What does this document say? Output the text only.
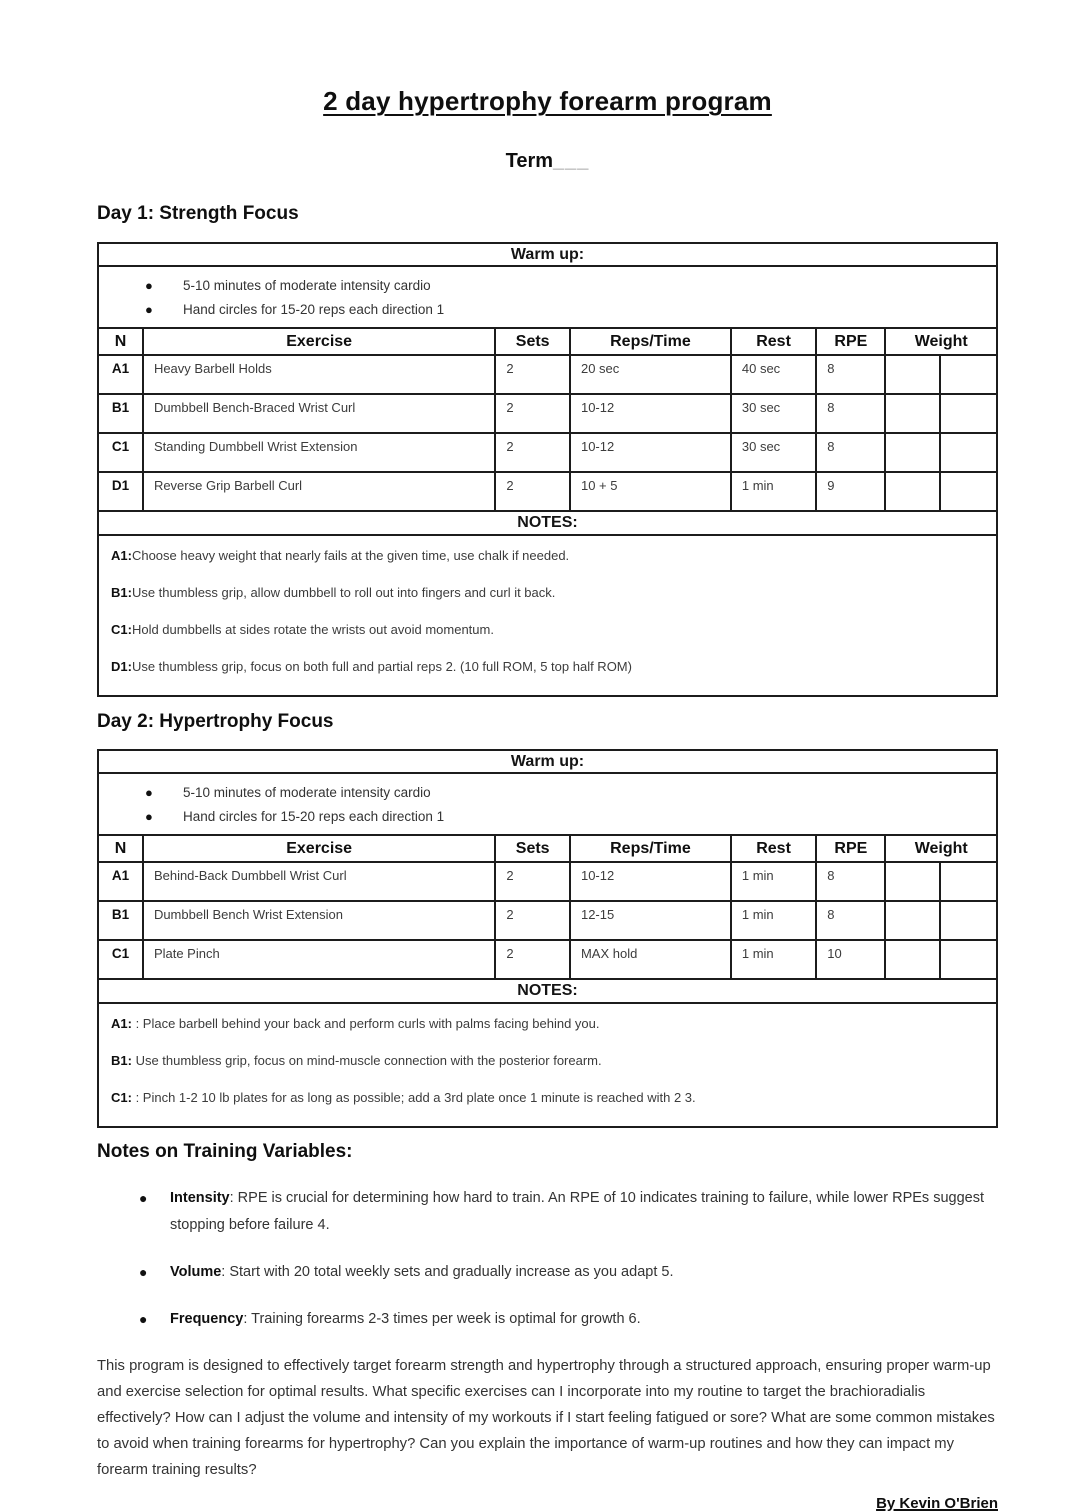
2 day hypertrophy forearm program
Term___
Day 1: Strength Focus
Warm up:							

● 5-10 minutes of moderate intensity cardio
● Hand circles for 15-20 reps each direction 1							

N	Exercise	Sets	Reps/Time	Rest	RPE	Weight	
A1	Heavy Barbell Holds	2	20 sec	40 sec	8		
B1	Dumbbell Bench-Braced Wrist Curl	2	10-12	30 sec	8		
C1	Standing Dumbbell Wrist Extension	2	10-12	30 sec	8		
D1	Reverse Grip Barbell Curl	2	10 + 5	1 min	9		
NOTES:							

A1:Choose heavy weight that nearly fails at the given time, use chalk if needed.

B1:Use thumbless grip, allow dumbbell to roll out into fingers and curl it back.

C1:Hold dumbbells at sides rotate the wrists out avoid momentum.

D1:Use thumbless grip, focus on both full and partial reps 2. (10 full ROM, 5 top half ROM)							

Day 2: Hypertrophy Focus
Warm up:							

● 5-10 minutes of moderate intensity cardio
● Hand circles for 15-20 reps each direction 1							

N	Exercise	Sets	Reps/Time	Rest	RPE	Weight	
A1	Behind-Back Dumbbell Wrist Curl	2	10-12	1 min	8		
B1	Dumbbell Bench Wrist Extension	2	12-15	1 min	8		
C1	Plate Pinch	2	MAX hold	1 min	10		
NOTES:							

A1: : Place barbell behind your back and perform curls with palms facing behind you.

B1: Use thumbless grip, focus on mind-muscle connection with the posterior forearm.

C1: : Pinch 1-2 10 lb plates for as long as possible; add a 3rd plate once 1 minute is reached with 2 3.							

Notes on Training Variables:
●	Intensity: RPE is crucial for determining how hard to train. An RPE of 10 indicates training to failure, while lower RPEs suggest stopping before failure 4.
●	Volume: Start with 20 total weekly sets and gradually increase as you adapt 5.
●	Frequency: Training forearms 2-3 times per week is optimal for growth 6.

This program is designed to effectively target forearm strength and hypertrophy through a structured approach, ensuring proper warm-up and exercise selection for optimal results. What specific exercises can I incorporate into my routine to target the brachioradialis effectively? How can I adjust the volume and intensity of my workouts if I start feeling fatigued or sore? What are some common mistakes to avoid when training forearms for hypertrophy? Can you explain the importance of warm-up routines and how they can impact my forearm training results?

By Kevin O'Brien
